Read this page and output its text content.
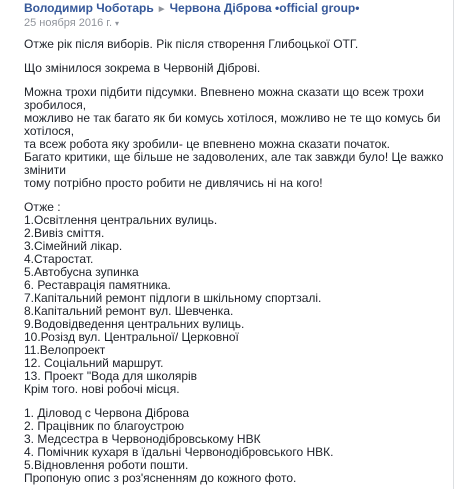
Володимир Чоботарь ► Червона Діброва •official group•
25 ноября 2016 г. ▾

Отже рік після виборів. Рік після створення Глибоцької ОТГ.

Що змінилося зокрема в Червоній Діброві.

Можна трохи підбити підсумки. Впевнено можна сказати що всеж трохи зробилося,

можливо не так багато як би комусь хотілося, можливо не те що комусь би хотілося,

та всеж робота яку зробили- це впевнено можна сказати початок.

Багато критики, ще більше не задоволених, але так завжди було! Це важко змінити

тому потрібно просто робити не дивлячись ні на кого!

Отже :

1.Освітлення центральних вулиць.

2.Вивіз сміття.

3.Сімейний лікар.

4.Старостат.

5.Автобусна зупинка

6. Реставрація памятника.

7.Капітальний ремонт підлоги в шкільному спортзалі.

8.Капітальний ремонт вул. Шевченка.

9.Водовідведення центральних вулиць.

10.Розізд вул. Центральної/ Церковної

11.Велопроект

12. Соціальний маршрут.

13. Проект "Вода для школярів

Крім того. нові робочі місця.

1. Діловод с Червона Діброва

2. Працівник по благоустрою

3. Медсестра в Червонодібровському НВК

4. Помічник кухаря в їдальні Червонодібровського НВК.

5.Відновлення роботи пошти.

Пропоную опис з роз'ясненням до кожного фото.
